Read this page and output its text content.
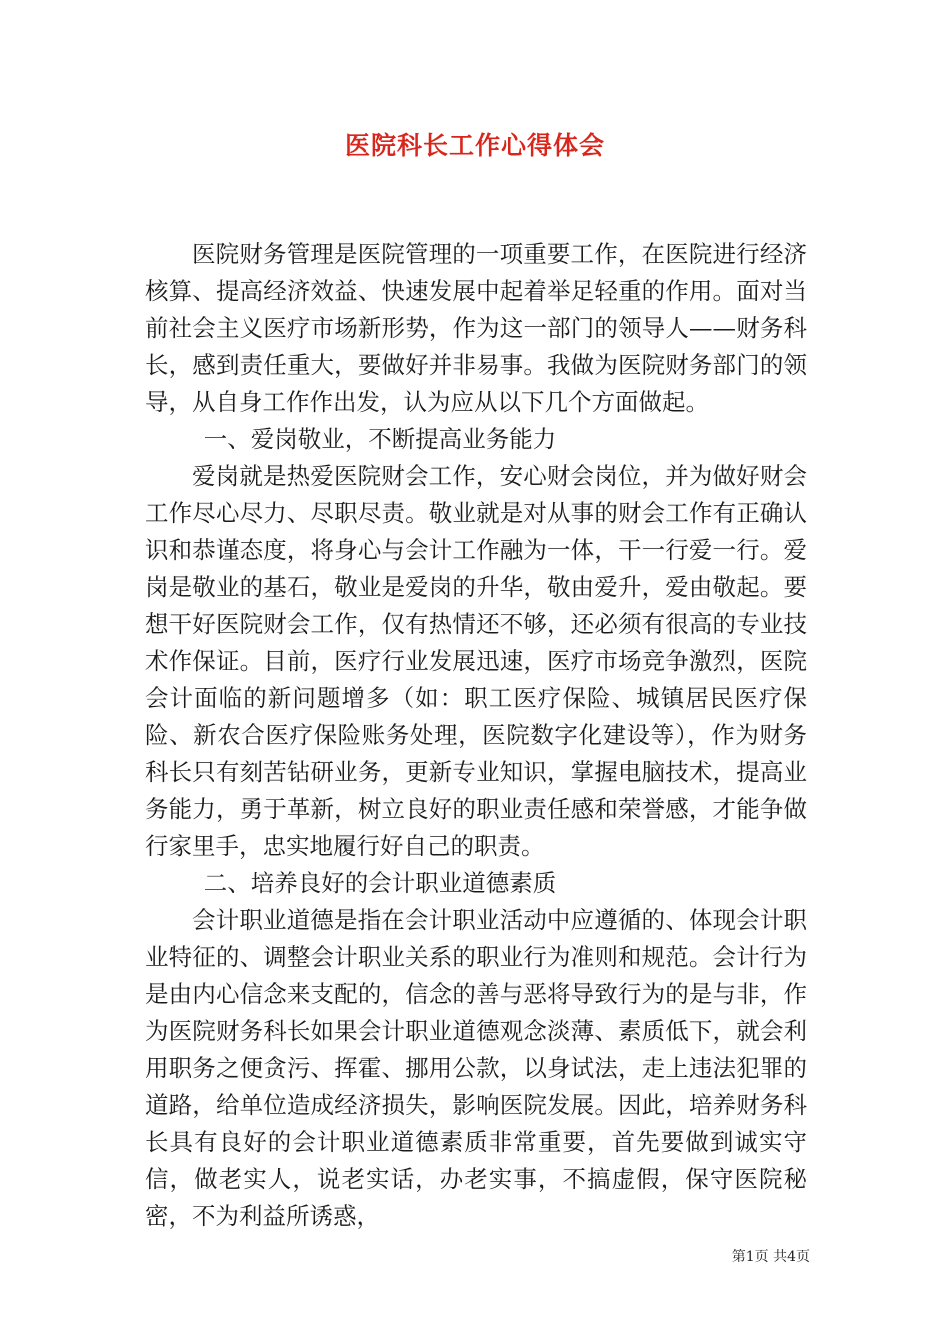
医院科长工作心得体会

医院财务管理是医院管理的一项重要工作，在医院进行经济核算、提高经济效益、快速发展中起着举足轻重的作用。面对当前社会主义医疗市场新形势，作为这一部门的领导人——财务科长，感到责任重大，要做好并非易事。我做为医院财务部门的领导，从自身工作作出发，认为应从以下几个方面做起。

一、爱岗敬业，不断提高业务能力

爱岗就是热爱医院财会工作，安心财会岗位，并为做好财会工作尽心尽力、尽职尽责。敬业就是对从事的财会工作有正确认识和恭谨态度，将身心与会计工作融为一体，干一行爱一行。爱岗是敬业的基石，敬业是爱岗的升华，敬由爱升，爱由敬起。要想干好医院财会工作，仅有热情还不够，还必须有很高的专业技术作保证。目前，医疗行业发展迅速，医疗市场竞争激烈，医院会计面临的新问题增多（如：职工医疗保险、城镇居民医疗保险、新农合医疗保险账务处理，医院数字化建设等），作为财务科长只有刻苦钻研业务，更新专业知识，掌握电脑技术，提高业务能力，勇于革新，树立良好的职业责任感和荣誉感，才能争做行家里手，忠实地履行好自己的职责。

二、培养良好的会计职业道德素质

会计职业道德是指在会计职业活动中应遵循的、体现会计职业特征的、调整会计职业关系的职业行为准则和规范。会计行为是由内心信念来支配的，信念的善与恶将导致行为的是与非，作为医院财务科长如果会计职业道德观念淡薄、素质低下，就会利用职务之便贪污、挥霍、挪用公款，以身试法，走上违法犯罪的道路，给单位造成经济损失，影响医院发展。因此，培养财务科长具有良好的会计职业道德素质非常重要，首先要做到诚实守信，做老实人，说老实话，办老实事，不搞虚假，保守医院秘密，不为利益所诱惑，

第1页 共4页
